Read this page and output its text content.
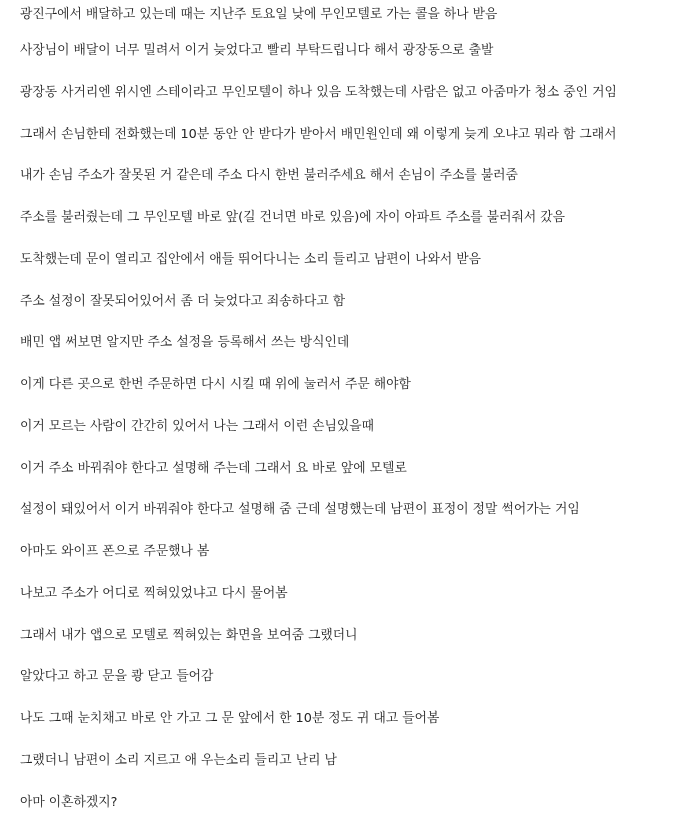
광진구에서 배달하고 있는데 때는 지난주 토요일 낮에 무인모텔로 가는 콜을 하나 받음

사장님이 배달이 너무 밀려서 이거 늦었다고 빨리 부탁드립니다 해서 광장동으로 출발

광장동 사거리엔 위시엔 스테이라고 무인모텔이 하나 있음 도착했는데 사람은 없고 아줌마가 청소 중인 거임

그래서 손님한테 전화했는데 10분 동안 안 받다가 받아서 배민원인데 왜 이렇게 늦게 오냐고 뭐라 함 그래서

내가 손님 주소가 잘못된 거 같은데 주소 다시 한번 불러주세요 해서 손님이 주소를 불러줌

주소를 불러줬는데 그 무인모텔 바로 앞(길 건너면 바로 있음)에 자이 아파트 주소를 불러줘서 갔음

도착했는데 문이 열리고 집안에서 애들 뛰어다니는 소리 들리고 남편이 나와서 받음

주소 설정이 잘못되어있어서 좀 더 늦었다고 죄송하다고 함

배민 앱 써보면 알지만 주소 설정을 등록해서 쓰는 방식인데

이게 다른 곳으로 한번 주문하면 다시 시킬 때 위에 눌러서 주문 해야함

이거 모르는 사람이 간간히 있어서 나는 그래서 이런 손님있을때

이거 주소 바꿔줘야 한다고 설명해 주는데 그래서 요 바로 앞에 모텔로

설정이 돼있어서 이거 바꿔줘야 한다고 설명해 줌 근데 설명했는데 남편이 표정이 정말 썩어가는 거임

아마도 와이프 폰으로 주문했나 봄

나보고 주소가 어디로 찍혀있었냐고 다시 물어봄

그래서 내가 앱으로 모텔로 찍혀있는 화면을 보여줌 그랬더니

알았다고 하고 문을 쾅 닫고 들어감

나도 그때 눈치채고 바로 안 가고 그 문 앞에서 한 10분 정도 귀 대고 들어봄

그랬더니 남편이 소리 지르고 애 우는소리 들리고 난리 남

아마 이혼하겠지?
